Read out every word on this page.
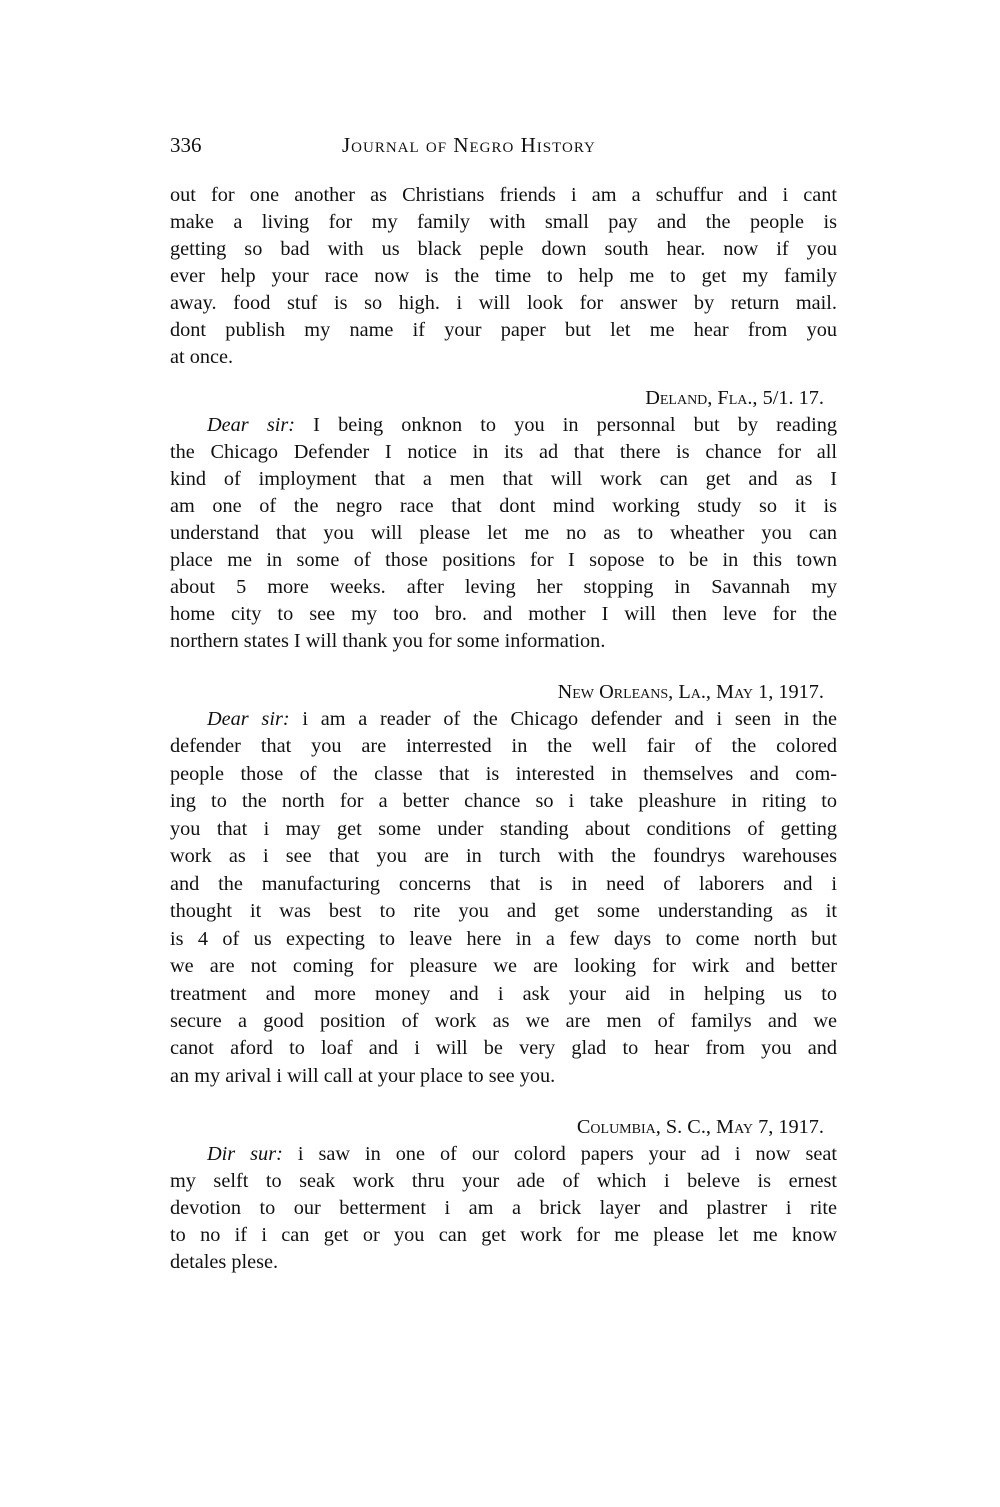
336	Journal of Negro History
out for one another as Christians friends i am a schuffur and i cant
make a living for my family with small pay and the people is
getting so bad with us black peple down south hear. now if you
ever help your race now is the time to help me to get my family
away. food stuf is so high. i will look for answer by return mail.
dont publish my name if your paper but let me hear from you
at once.
Deland, Fla., 5/1. 17.
Dear sir: I being onknon to you in personnal but by reading
the Chicago Defender I notice in its ad that there is chance for all
kind of imployment that a men that will work can get and as I
am one of the negro race that dont mind working study so it is
understand that you will please let me no as to wheather you can
place me in some of those positions for I sopose to be in this town
about 5 more weeks. after leving her stopping in Savannah my
home city to see my too bro. and mother I will then leve for the
northern states I will thank you for some information.
New Orleans, La., May 1, 1917.
Dear sir: i am a reader of the Chicago defender and i seen in the
defender that you are interrested in the well fair of the colored
people those of the classe that is interested in themselves and com-
ing to the north for a better chance so i take pleashure in riting to
you that i may get some under standing about conditions of getting
work as i see that you are in turch with the foundrys warehouses
and the manufacturing concerns that is in need of laborers and i
thought it was best to rite you and get some understanding as it
is 4 of us expecting to leave here in a few days to come north but
we are not coming for pleasure we are looking for wirk and better
treatment and more money and i ask your aid in helping us to
secure a good position of work as we are men of familys and we
canot aford to loaf and i will be very glad to hear from you and
an my arival i will call at your place to see you.
Columbia, S. C., May 7, 1917.
Dir sur: i saw in one of our colord papers your ad i now seat
my selft to seak work thru your ade of which i beleve is ernest
devotion to our betterment i am a brick layer and plastrer i rite
to no if i can get or you can get work for me please let me know
detales plese.
